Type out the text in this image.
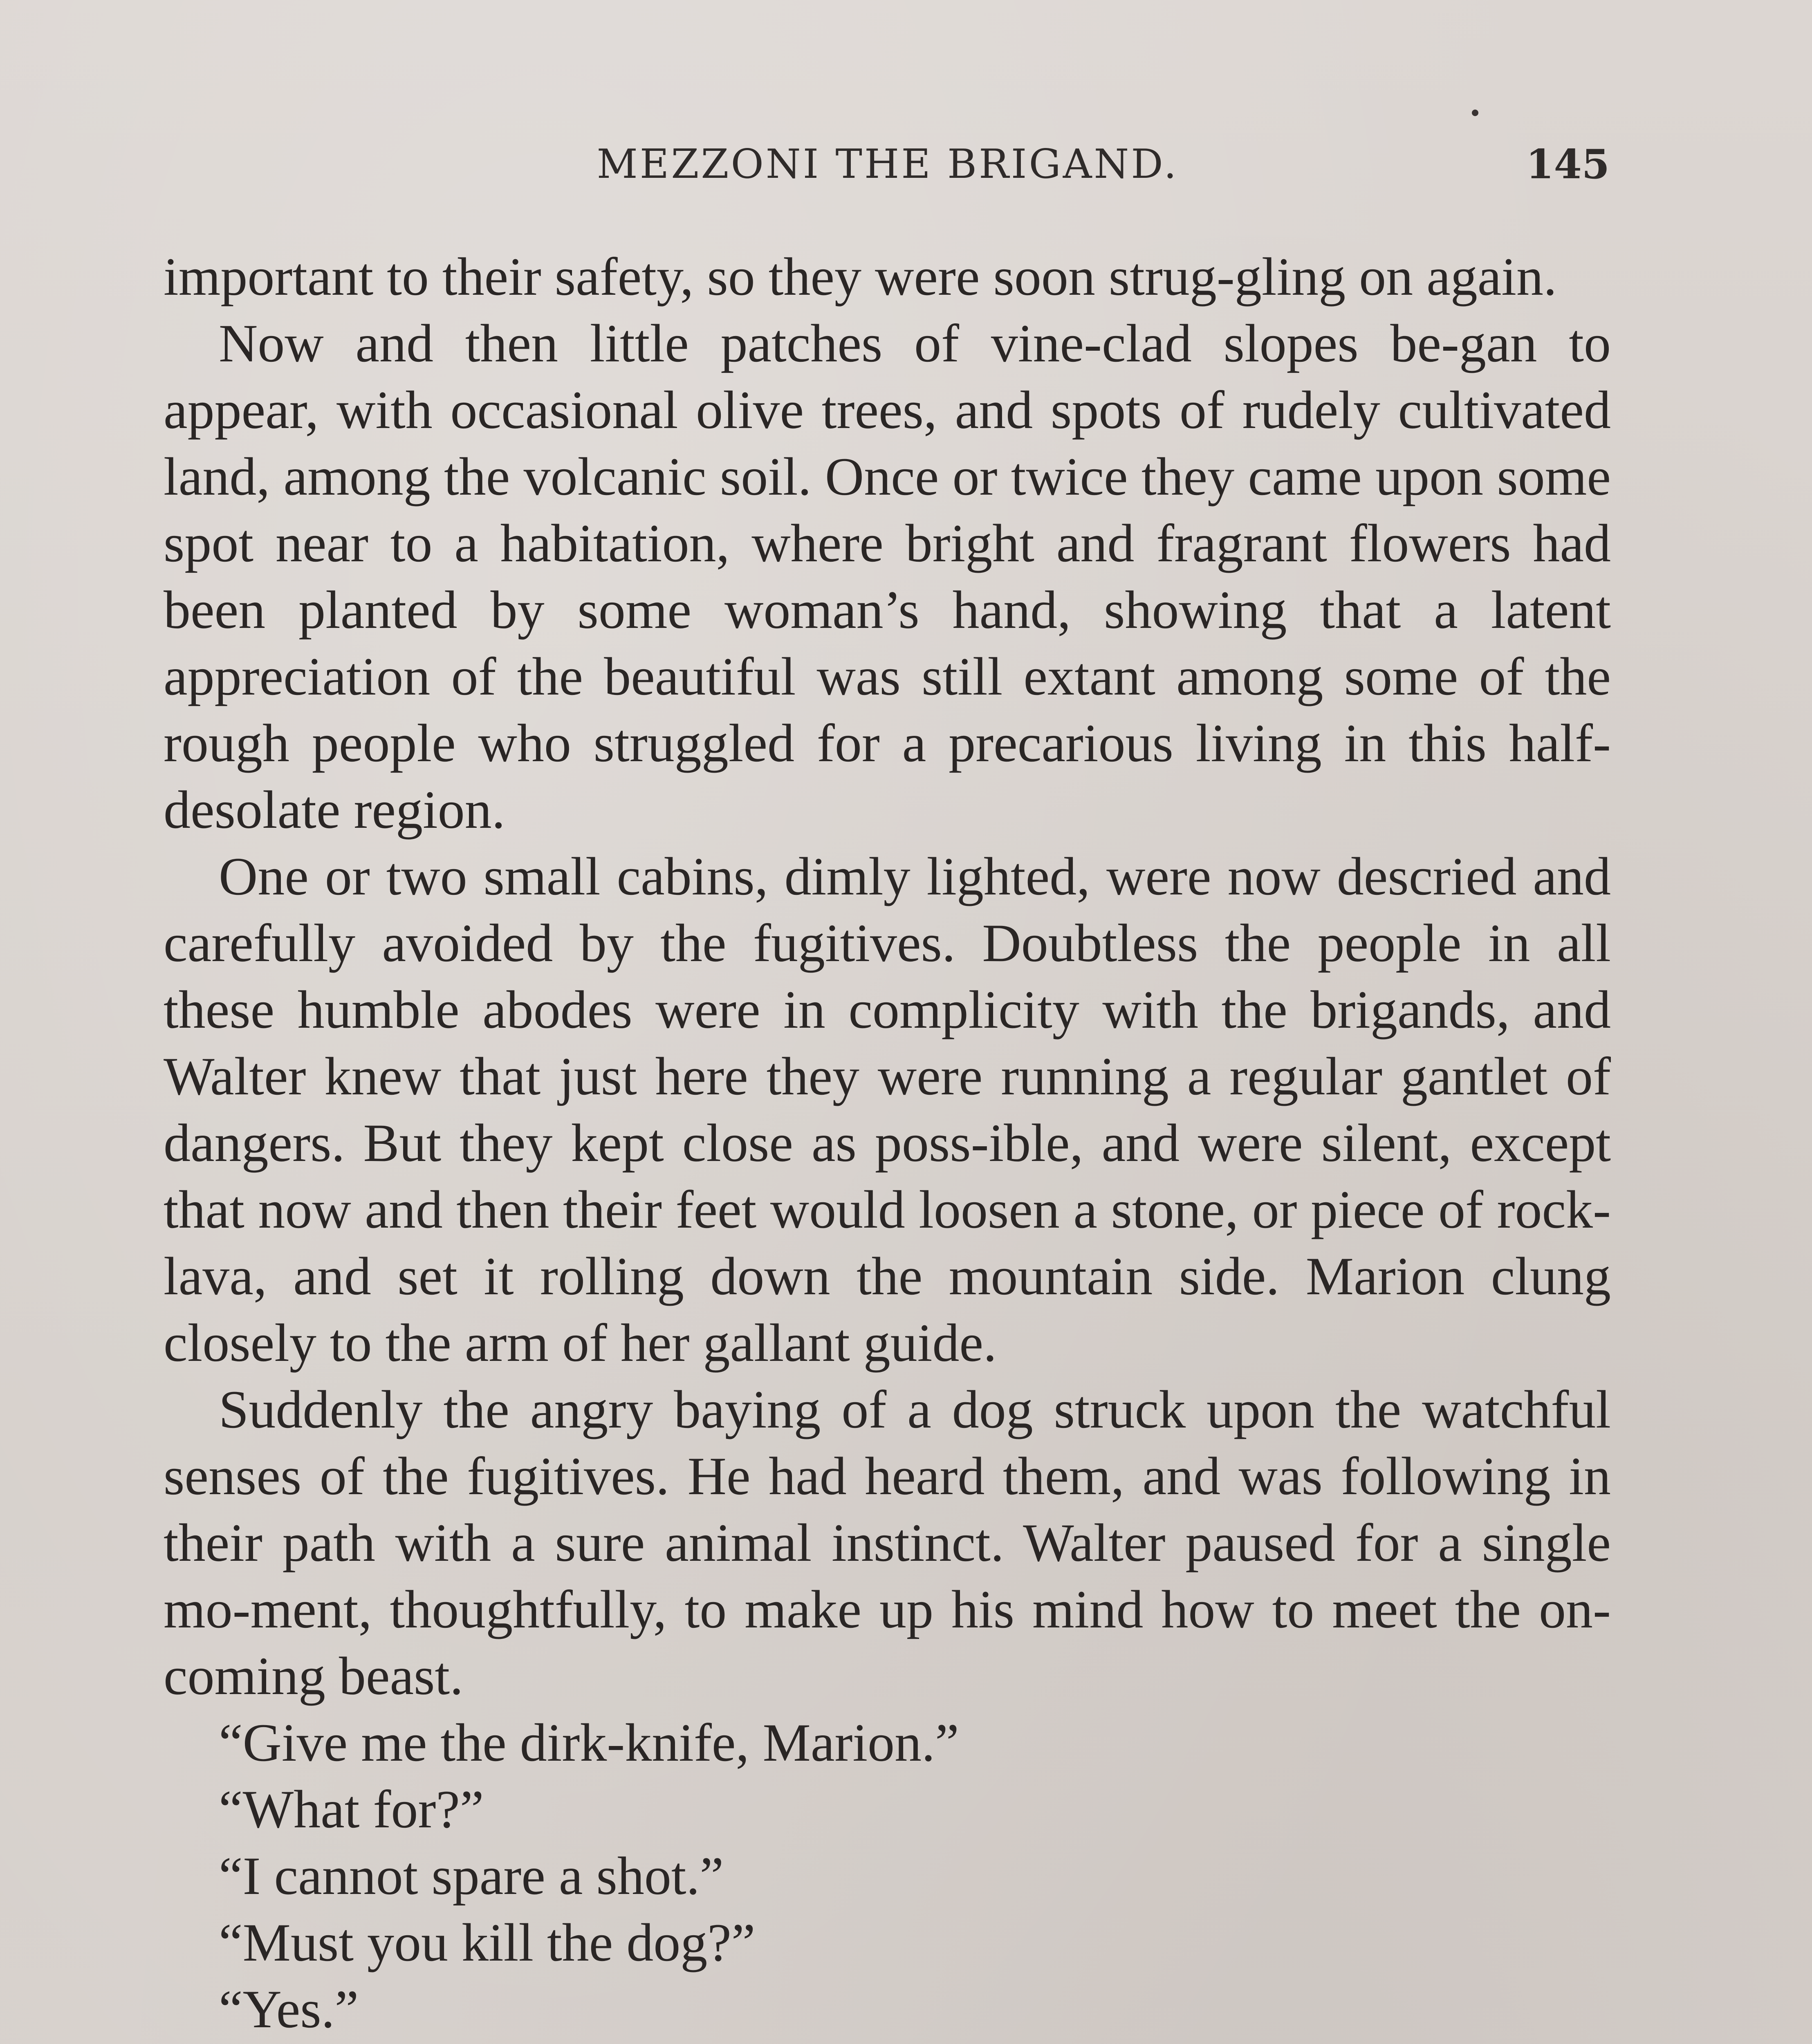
MEZZONI THE BRIGAND.	145

important to their safety, so they were soon strug-gling on again.

Now and then little patches of vine-clad slopes be-gan to appear, with occasional olive trees, and spots of rudely cultivated land, among the volcanic soil. Once or twice they came upon some spot near to a habitation, where bright and fragrant flowers had been planted by some woman’s hand, showing that a latent appreciation of the beautiful was still extant among some of the rough people who struggled for a precarious living in this half-desolate region.

One or two small cabins, dimly lighted, were now descried and carefully avoided by the fugitives. Doubtless the people in all these humble abodes were in complicity with the brigands, and Walter knew that just here they were running a regular gantlet of dangers. But they kept close as poss-ible, and were silent, except that now and then their feet would loosen a stone, or piece of rock-lava, and set it rolling down the mountain side. Marion clung closely to the arm of her gallant guide.

Suddenly the angry baying of a dog struck upon the watchful senses of the fugitives. He had heard them, and was following in their path with a sure animal instinct. Walter paused for a single mo-ment, thoughtfully, to make up his mind how to meet the on-coming beast.

“Give me the dirk-knife, Marion.”

“What for?”

“I cannot spare a shot.”

“Must you kill the dog?”

“Yes.”
